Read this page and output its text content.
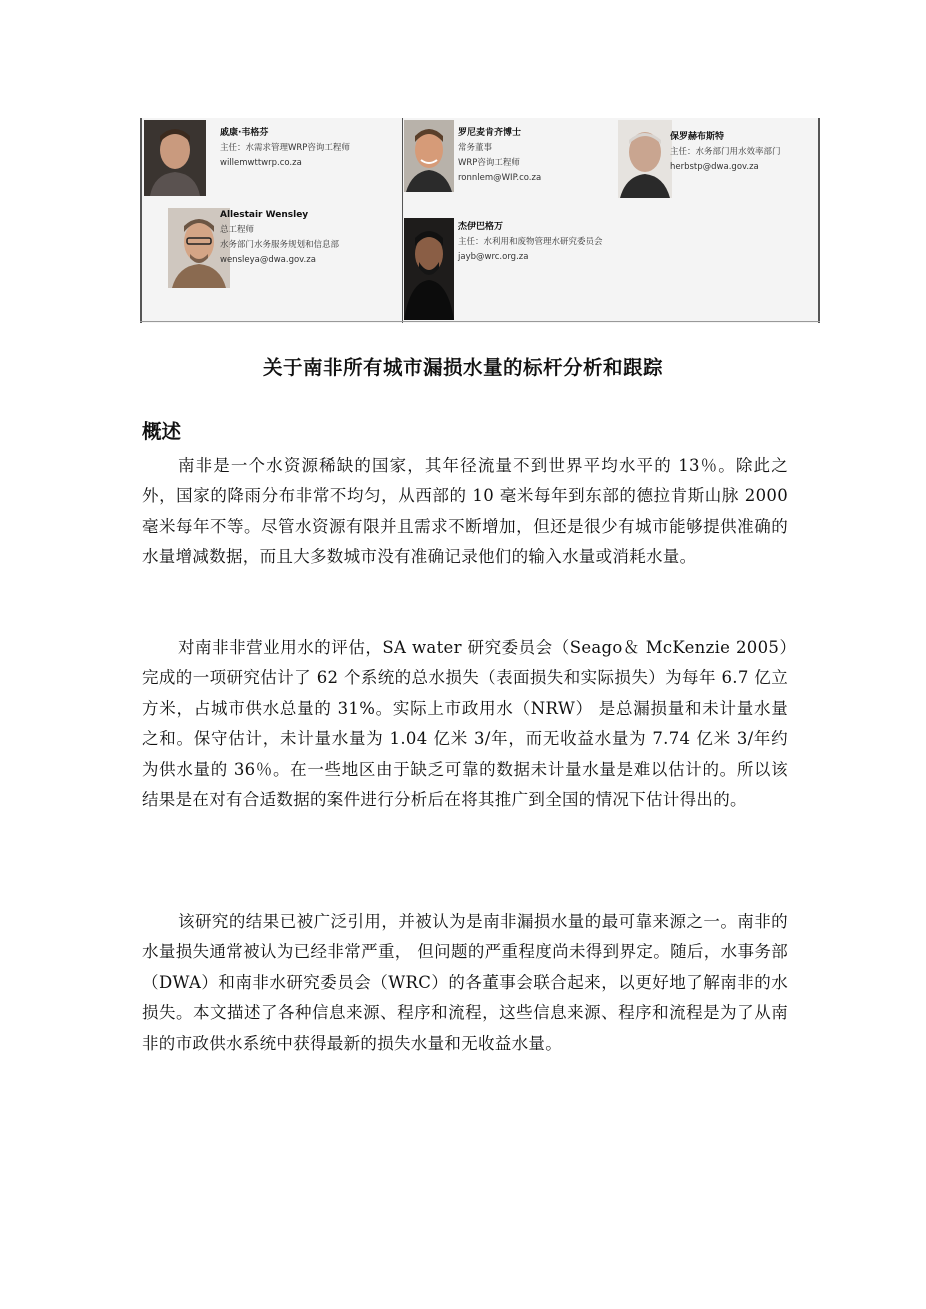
戚康·韦格芬
主任：水需求管理WRP咨询工程师
willemwttwrp.co.za
Allestair Wensley
总工程师
水务部门水务服务规划和信息部
wensleya@dwa.gov.za
罗尼麦肯齐博士
常务董事
WRP咨询工程师
ronnlem@WIP.co.za
杰伊巴格万
主任：水利用和废物管理水研究委员会
jayb@wrc.org.za
保罗赫布斯特
主任：水务部门用水效率部门
herbstp@dwa.gov.za
关于南非所有城市漏损水量的标杆分析和跟踪
概述

南非是一个水资源稀缺的国家，其年径流量不到世界平均水平的 13％。除此之外，国家的降雨分布非常不均匀，从西部的 10 毫米每年到东部的德拉肯斯山脉 2000 毫米每年不等。尽管水资源有限并且需求不断增加，但还是很少有城市能够提供准确的水量增减数据，而且大多数城市没有准确记录他们的输入水量或消耗水量。

对南非非营业用水的评估，SA water 研究委员会（Seago＆ McKenzie 2005）完成的一项研究估计了 62 个系统的总水损失（表面损失和实际损失）为每年 6.7 亿立方米，占城市供水总量的 31%。实际上市政用水（NRW） 是总漏损量和未计量水量之和。保守估计，未计量水量为 1.04 亿米 3/年，而无收益水量为 7.74 亿米 3/年约为供水量的 36％。在一些地区由于缺乏可靠的数据未计量水量是难以估计的。所以该结果是在对有合适数据的案件进行分析后在将其推广到全国的情况下估计得出的。

该研究的结果已被广泛引用，并被认为是南非漏损水量的最可靠来源之一。南非的水量损失通常被认为已经非常严重， 但问题的严重程度尚未得到界定。随后，水事务部（DWA）和南非水研究委员会（WRC）的各董事会联合起来，以更好地了解南非的水损失。本文描述了各种信息来源、程序和流程，这些信息来源、程序和流程是为了从南非的市政供水系统中获得最新的损失水量和无收益水量。
